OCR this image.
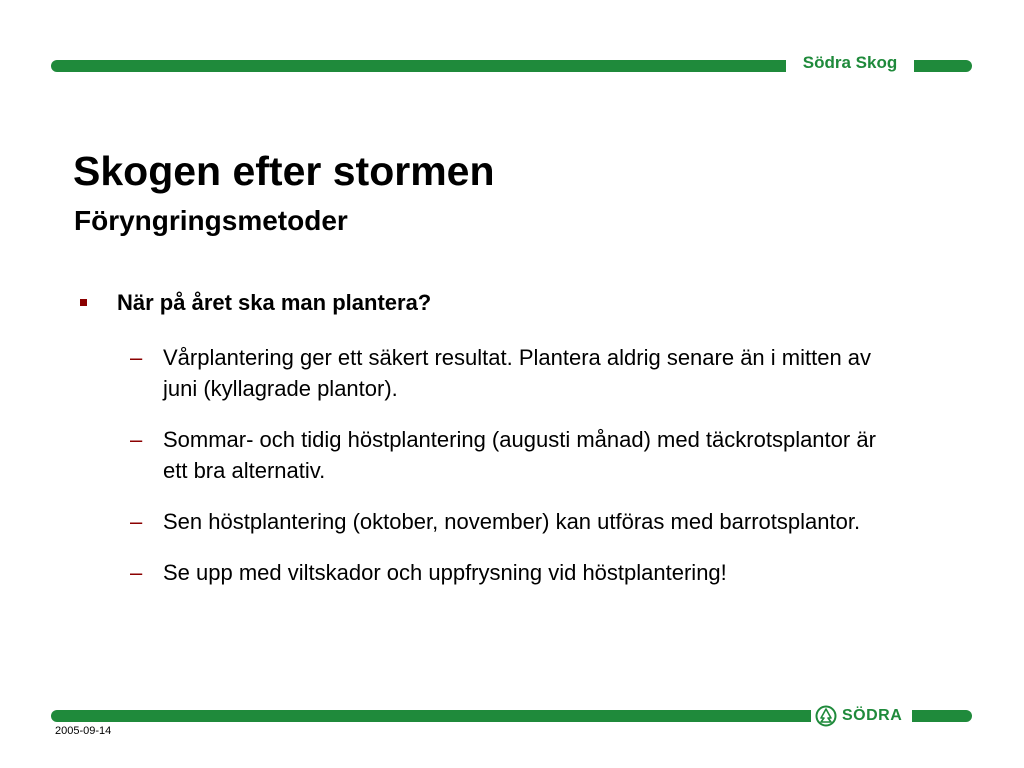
Södra Skog
Skogen efter stormen
Föryngringsmetoder
När på året ska man plantera?
– Vårplantering ger ett säkert resultat. Plantera aldrig senare än i mitten av juni (kyllagrade plantor).
– Sommar- och tidig höstplantering (augusti månad) med täckrotsplantor är ett bra alternativ.
– Sen höstplantering (oktober, november) kan utföras med barrotsplantor.
– Se upp med viltskador och uppfrysning vid höstplantering!
SÖDRA
2005-09-14
